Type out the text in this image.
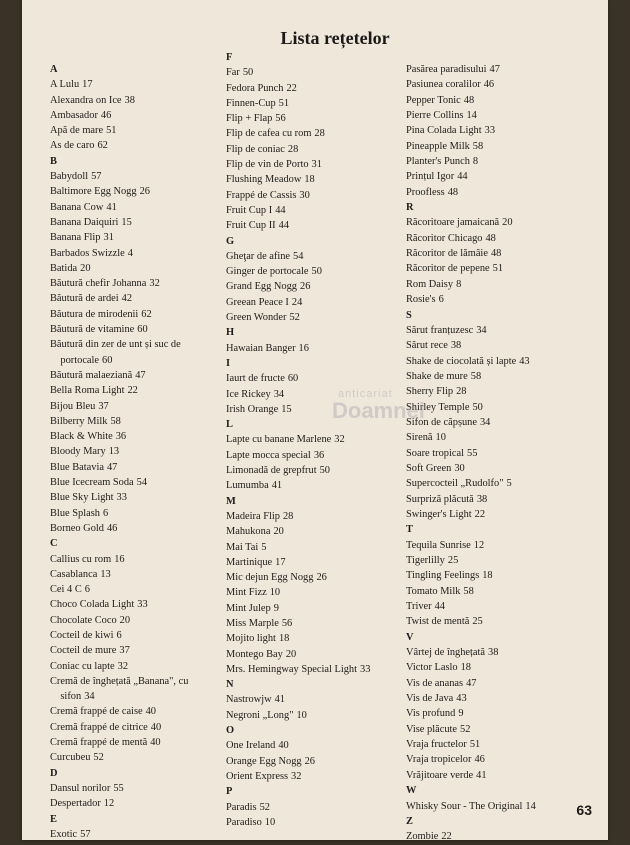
Lista rețetelor
A
A Lulu 17
Alexandra on Ice 38
Ambasador 46
Apă de mare 51
As de caro 62
B
Babydoll 57
Baltimore Egg Nogg 26
Banana Cow 41
Banana Daiquiri 15
Banana Flip 31
Barbados Swizzle 4
Batida 20
Băutură chefir Johanna 32
Băutură de ardei 42
Băutura de mirodenii 62
Băutură de vitamine 60
Băutură din zer de unt și suc de
portocale 60
Băutură malaeziană 47
Bella Roma Light 22
Bijou Bleu 37
Bilberry Milk 58
Black & White 36
Bloody Mary 13
Blue Batavia 47
Blue Icecream Soda 54
Blue Sky Light 33
Blue Splash 6
Borneo Gold 46
C
Callius cu rom 16
Casablanca 13
Cei 4 C 6
Choco Colada Light 33
Chocolate Coco 20
Cocteil de kiwi 6
Cocteil de mure 37
Coniac cu lapte 32
Cremă de înghețată „Banana", cu
sifon 34
Cremă frappé de caise 40
Cremă frappé de citrice 40
Cremă frappé de mentă 40
Curcubeu 52
D
Dansul norilor 55
Despertador 12
E
Exotic 57
F
Far 50
Fedora Punch 22
Finnen-Cup 51
Flip + Flap 56
Flip de cafea cu rom 28
Flip de coniac 28
Flip de vin de Porto 31
Flushing Meadow 18
Frappé de Cassis 30
Fruit Cup I 44
Fruit Cup II 44
G
Gheţar de afine 54
Ginger de portocale 50
Grand Egg Nogg 26
Greean Peace I 24
Green Wonder 52
H
Hawaian Banger 16
I
Iaurt de fructe 60
Ice Rickey 34
Irish Orange 15
L
Lapte cu banane Marlene 32
Lapte mocca special 36
Limonadă de grepfrut 50
Lumumba 41
M
Madeira Flip 28
Mahukona 20
Mai Tai 5
Martinique 17
Mic dejun Egg Nogg 26
Mint Fizz 10
Mint Julep 9
Miss Marple 56
Mojito light 18
Montego Bay 20
Mrs. Hemingway Special Light 33
N
Nastrowjw 41
Negroni „Long" 10
O
One Ireland 40
Orange Egg Nogg 26
Orient Express 32
P
Paradis 52
Paradiso 10
Pasărea paradisului 47
Pasiunea coralilor 46
Pepper Tonic 48
Pierre Collins 14
Pina Colada Light 33
Pineapple Milk 58
Planter's Punch 8
Prințul Igor 44
Proofless 48
R
Răcoritoare jamaicană 20
Răcoritor Chicago 48
Răcoritor de lămâie 48
Răcoritor de pepene 51
Rom Daisy 8
Rosie's 6
S
Sărut franțuzesc 34
Sărut rece 38
Shake de ciocolată și lapte 43
Shake de mure 58
Sherry Flip 28
Shirley Temple 50
Sifon de căpșune 34
Sirenă 10
Soare tropical 55
Soft Green 30
Supercocteil „Rudolfo" 5
Surpriză plăcută 38
Swinger's Light 22
T
Tequila Sunrise 12
Tigerlilly 25
Tingling Feelings 18
Tomato Milk 58
Triver 44
Twist de mentă 25
V
Vârtej de înghețată 38
Victor Laslo 18
Vis de ananas 47
Vis de Java 43
Vis profund 9
Vise plăcute 52
Vraja fructelor 51
Vraja tropicelor 46
Vrăjitoare verde 41
W
Whisky Sour - The Original 14
Z
Zombie 22
anticariat
Doamnei
63
